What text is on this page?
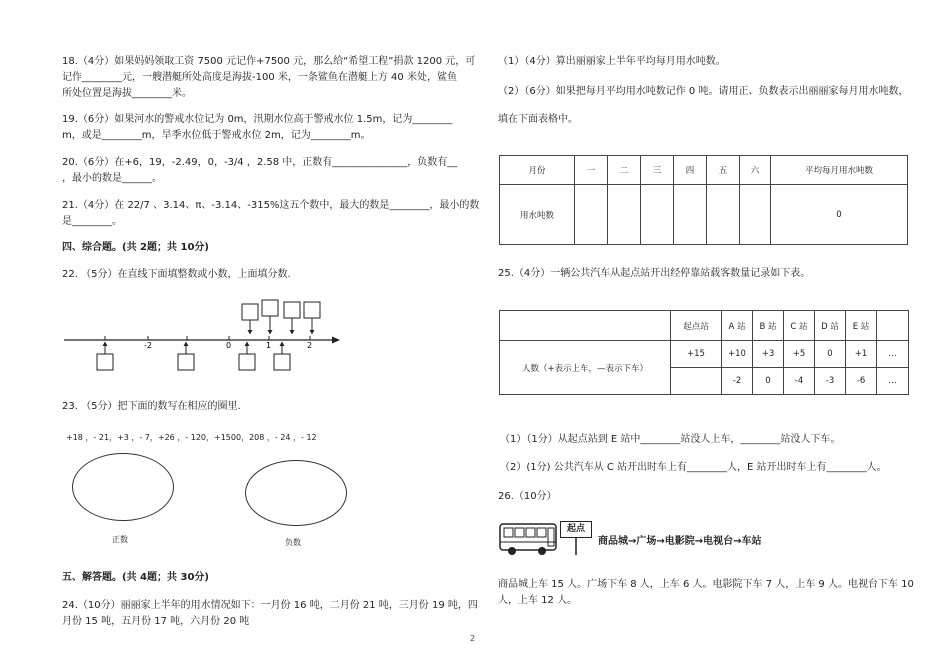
18.（4分）如果妈妈领取工资 7500 元记作+7500 元，那么给“希望工程”捐款 1200 元，可
记作________元，一艘潜艇所处高度是海拔-100 米，一条鲨鱼在潜艇上方 40 米处，鲨鱼
所处位置是海拔________米。
19.（6分）如果河水的警戒水位记为 0m，汛期水位高于警戒水位 1.5m，记为________
m，或是________m，旱季水位低于警戒水位 2m，记为________m。
20.（6分）在+6，19，-2.49，0，-3/4 ，2.58 中，正数有_______________，负数有__
，最小的数是______。
21.（4分）在 22/7 、3.14、π、-3.14、-315%这五个数中，最大的数是________，最小的数
是________。
四、综合题。(共 2题；共 10分)
22. （5分）在直线下面填整数或小数，上面填分数.
-2	0	1	2
23. （5分）把下面的数写在相应的圈里.
+18 ，- 21，+3 ，- 7，+26 ，- 120，+1500，208 ，- 24 ，- 12
正数	负数
五、解答题。(共 4题；共 30分)
24.（10分）丽丽家上半年的用水情况如下：一月份 16 吨，二月份 21 吨，三月份 19 吨，四
月份 15 吨，五月份 17 吨，六月份 20 吨
（1）（4分）算出丽丽家上半年平均每月用水吨数。
（2）（6分）如果把每月平均用水吨数记作 0 吨。请用正、负数表示出丽丽家每月用水吨数，
填在下面表格中。
月份	一	二	三	四	五	六	平均每月用水吨数
用水吨数							0
25.（4分）一辆公共汽车从起点站开出经停靠站载客数量记录如下表。
	起点站	A 站	B 站	C 站	D 站	E 站	
人数（+表示上车，—表示下车）	+15	+10	+3	+5	0	+1	…
		-2	0	-4	-3	-6	…
（1）（1分）从起点站到 E 站中________站没人上车，________站没人下车。
（2）(1分) 公共汽车从 C 站开出时车上有________人，E 站开出时车上有________人。
26.（10分）
起点
商品城→广场→电影院→电视台→车站
商品城上车 15 人。广场下车 8 人，上车 6 人。电影院下车 7 人，上车 9 人。电视台下车 10
人，上车 12 人。
2
